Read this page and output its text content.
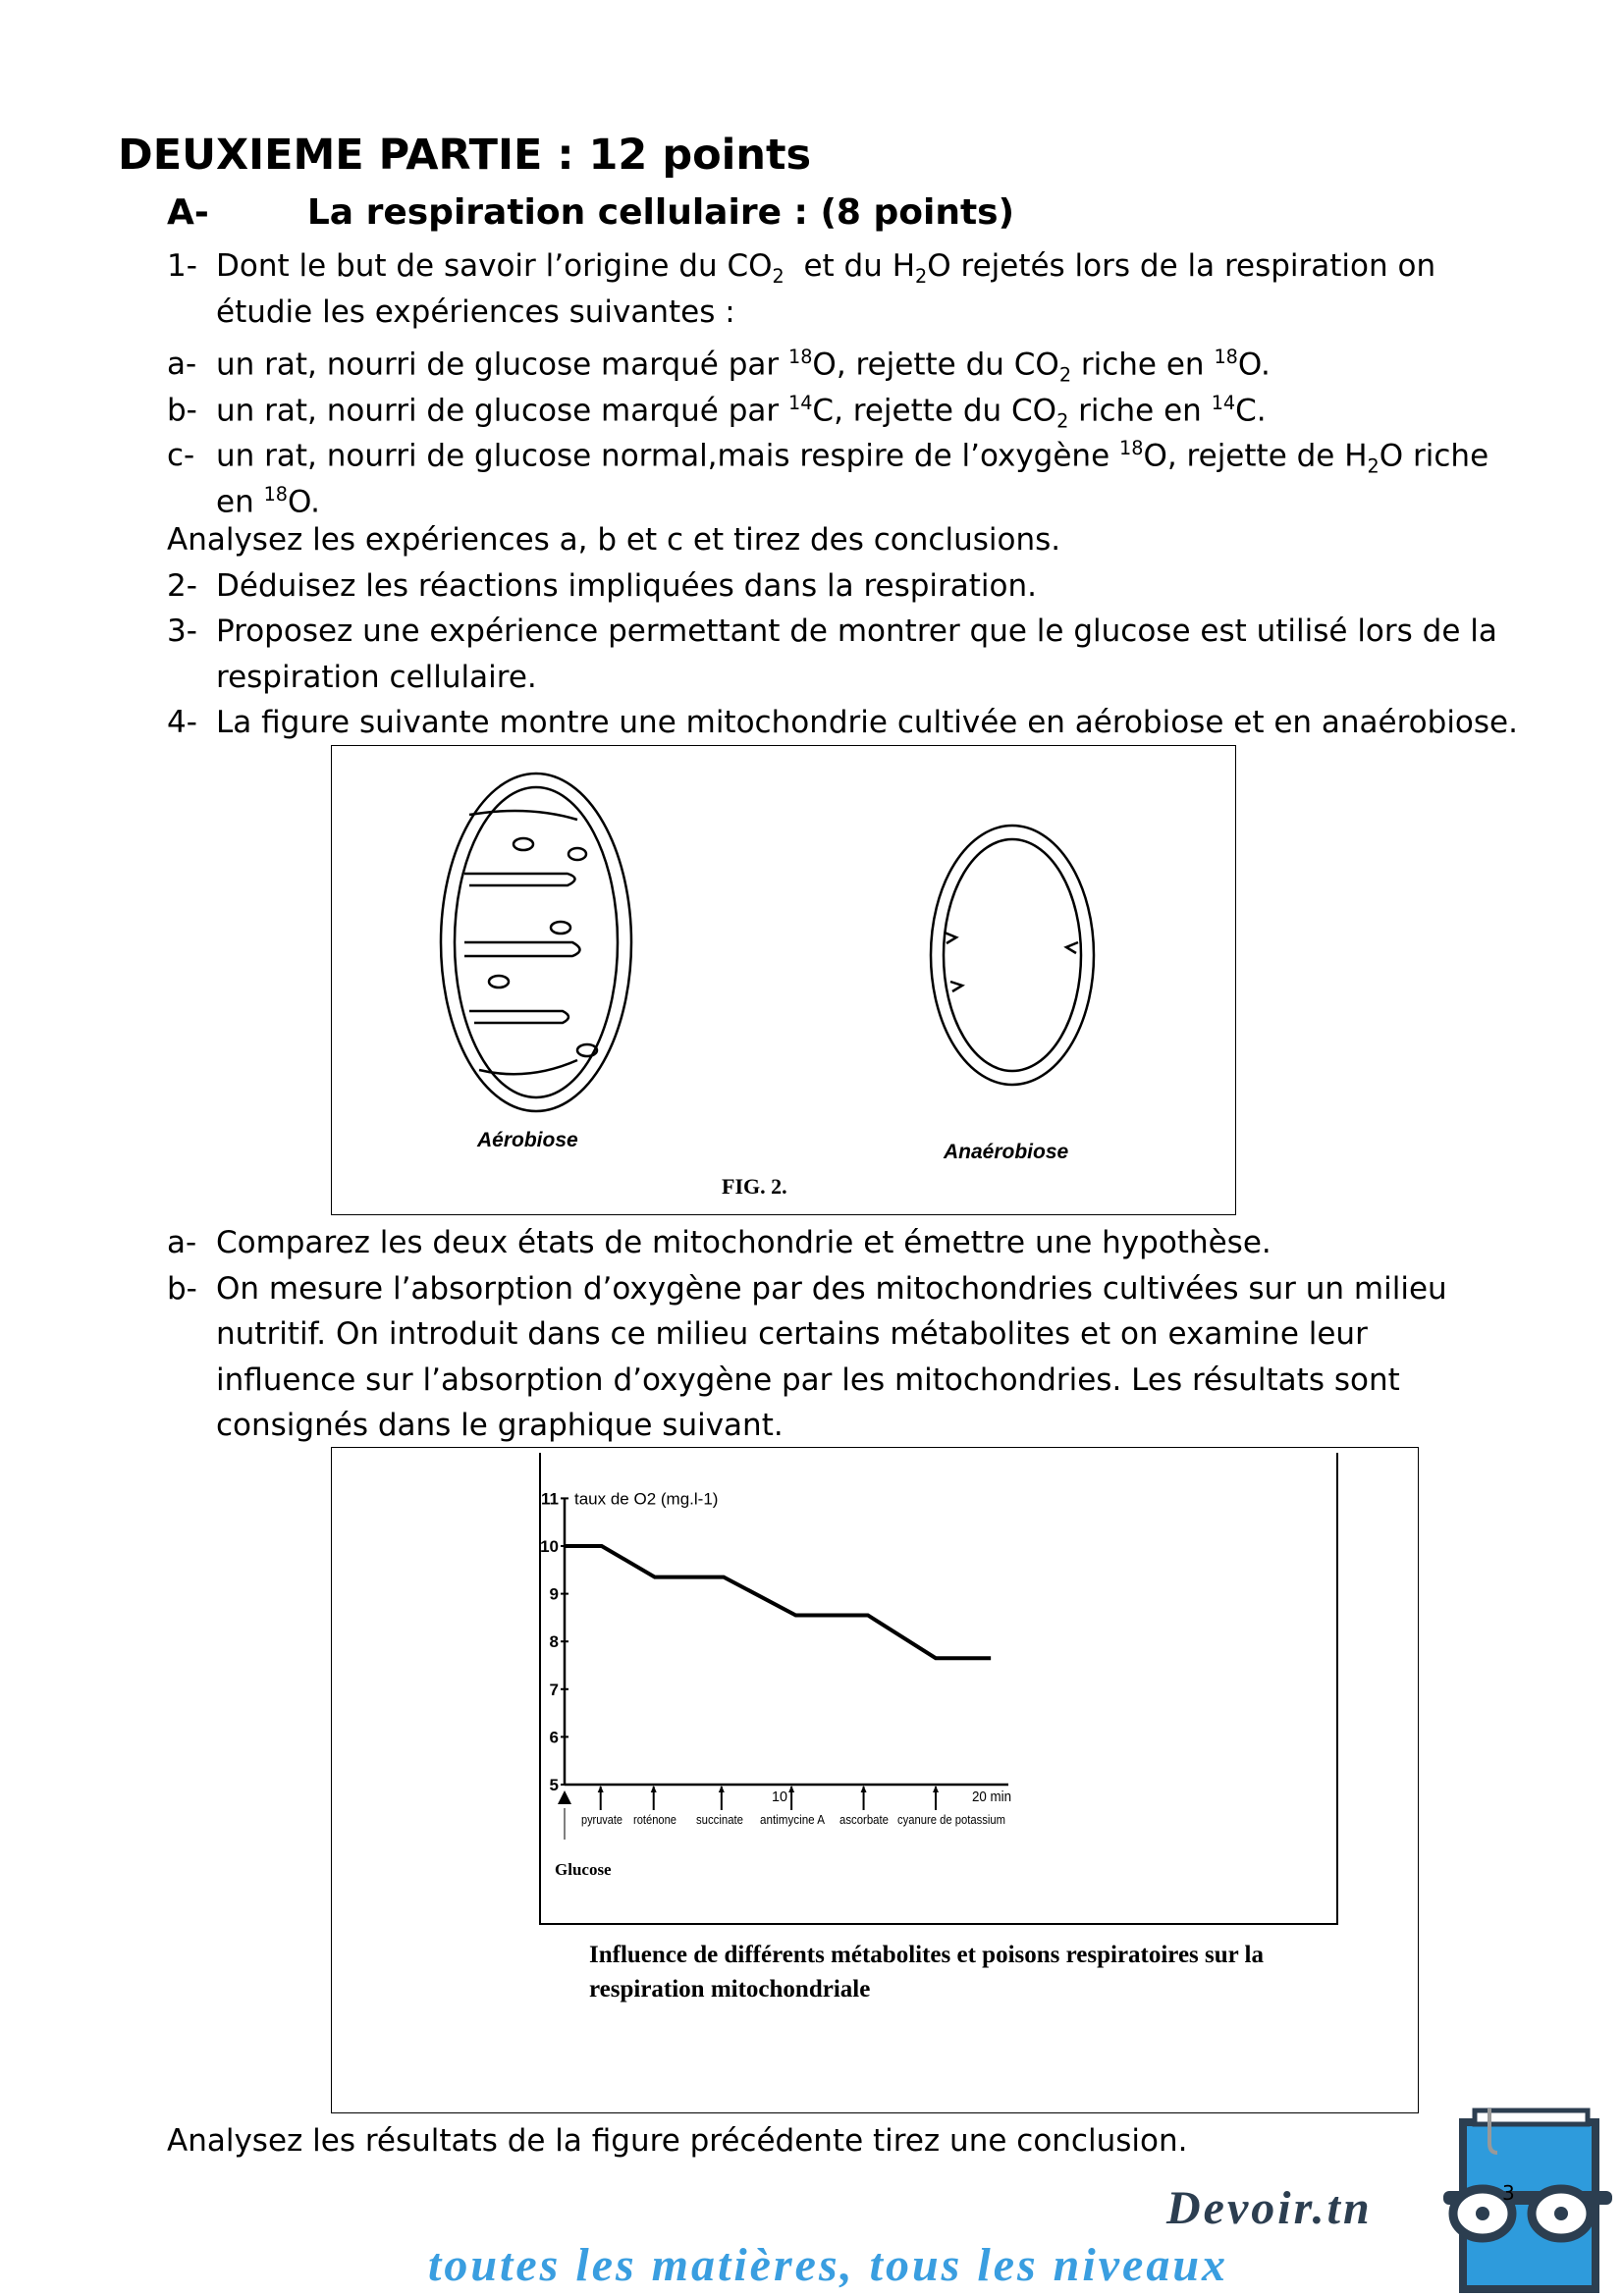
DEUXIEME PARTIE : 12 points
A-	La respiration cellulaire : (8 points)
1- Dont le but de savoir l’origine du $CO_2$  et du $H_2O$ rejetés lors de la respiration on
étudie les expériences suivantes :
a- un rat, nourri de glucose marqué par $^{18}$O, rejette du $CO_2$ riche en $^{18}$O.
b- un rat, nourri de glucose marqué par $^{14}$C, rejette du $CO_2$ riche en $^{14}$C.
c- un rat, nourri de glucose normal,mais respire de l’oxygène $^{18}$O, rejette de $H_2O$ riche
en $^{18}$O.
Analysez les expériences a, b et c et tirez des conclusions.
2- Déduisez les réactions impliquées dans la respiration.
3- Proposez une expérience permettant de montrer que le glucose est utilisé lors de la
respiration cellulaire.
4- La figure suivante montre une mitochondrie cultivée en aérobiose et en anaérobiose.
Aérobiose
Anaérobiose
FIG. 2.
a- Comparez les deux états de mitochondrie et émettre une hypothèse.
b- On mesure l’absorption d’oxygène par des mitochondries cultivées sur un milieu
nutritif. On introduit dans ce milieu certains métabolites et on examine leur
influence sur l’absorption d’oxygène par les mitochondries. Les résultats sont
consignés dans le graphique suivant.
5
6
7
8
9
10
11 taux de O2 (mg.l-1)
10	20 min
Glucose
pyruvate roténone succinate antimycine A ascorbate cyanure de potassium
Influence de différents métabolites et poisons respiratoires sur la
respiration mitochondriale
Analysez les résultats de la figure précédente tirez une conclusion.
Devoir.tn
toutes les matières, tous les niveaux
3
